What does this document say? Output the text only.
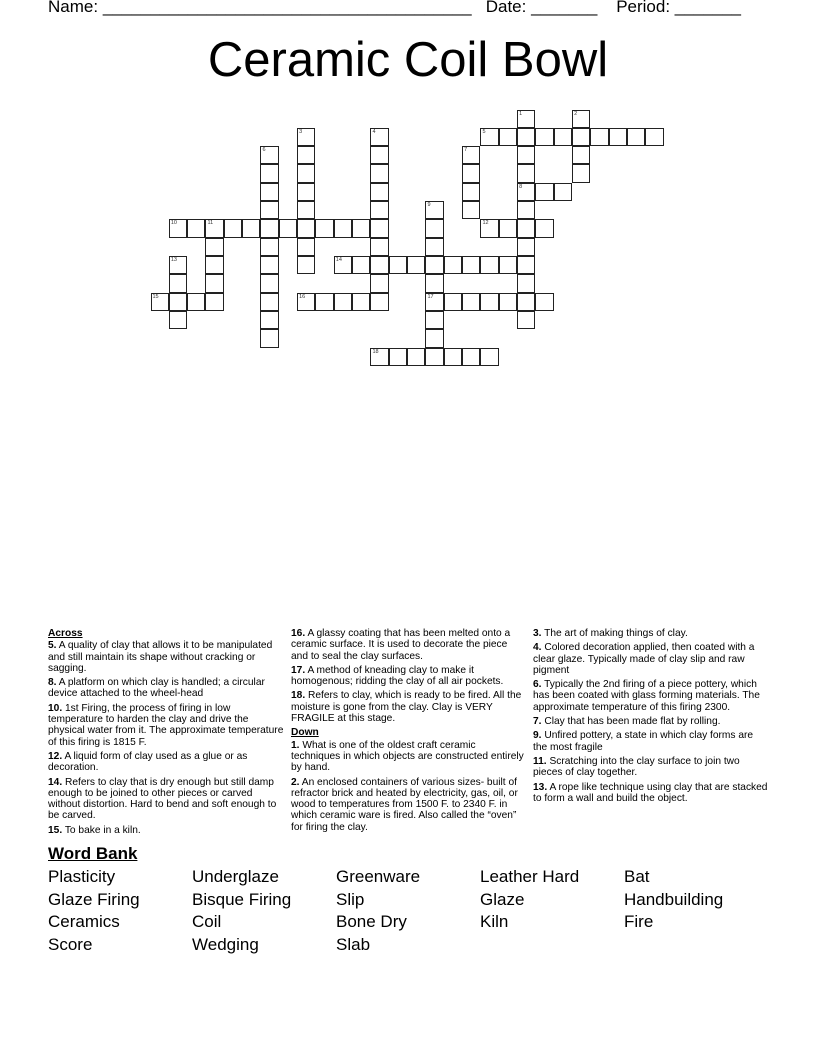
Name: _______________________________________ Date: _______ Period: _______
Ceramic Coil Bowl
1
8
2
3	4	5
6	7
9
17
10	11	12
13	14
15	16
18
Across
5. A quality of clay that allows it to be manipulated and still maintain its shape without cracking or sagging.
8. A platform on which clay is handled; a circular device attached to the wheel-head
10. 1st Firing, the process of firing in low temperature to harden the clay and drive the physical water from it. The approximate temperature of this firing is 1815 F.
12. A liquid form of clay used as a glue or as decoration.
14. Refers to clay that is dry enough but still damp enough to be joined to other pieces or carved without distortion. Hard to bend and soft enough to be carved.
15. To bake in a kiln.
16. A glassy coating that has been melted onto a ceramic surface. It is used to decorate the piece and to seal the clay surfaces.
17. A method of kneading clay to make it homogenous; ridding the clay of all air pockets.
18. Refers to clay, which is ready to be fired. All the moisture is gone from the clay. Clay is VERY FRAGILE at this stage.
Down
1. What is one of the oldest craft ceramic techniques in which objects are constructed entirely by hand.
2. An enclosed containers of various sizes- built of refractor brick and heated by electricity, gas, oil, or wood to temperatures from 1500 F. to 2340 F. in which ceramic ware is fired. Also called the “oven” for firing the clay.
3. The art of making things of clay.
4. Colored decoration applied, then coated with a clear glaze. Typically made of clay slip and raw pigment
6. Typically the 2nd firing of a piece pottery, which has been coated with glass forming materials. The approximate temperature of this firing 2300.
7. Clay that has been made flat by rolling.
9. Unfired pottery, a state in which clay forms are the most fragile
11. Scratching into the clay surface to join two pieces of clay together.
13. A rope like technique using clay that are stacked to form a wall and build the object.
Word Bank
Plasticity	Underglaze	Greenware	Leather Hard	Bat
Glaze Firing	Bisque Firing	Slip	Glaze	Handbuilding
Ceramics	Coil	Bone Dry	Kiln	Fire
Score	Wedging	Slab
